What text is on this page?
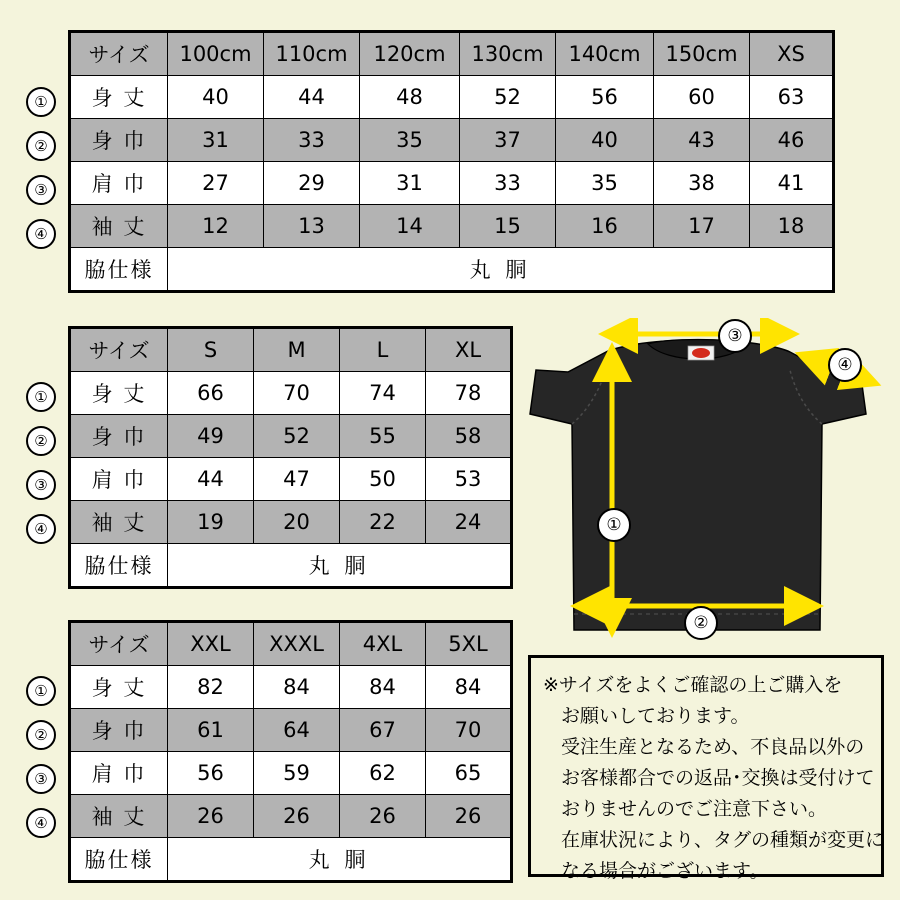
サイズ	100cm	110cm	120cm	130cm	140cm	150cm	XS
身 丈	40	44	48	52	56	60	63
身 巾	31	33	35	37	40	43	46
肩 巾	27	29	31	33	35	38	41
袖 丈	12	13	14	15	16	17	18
脇仕様	丸 胴						
①
②
③
④
サイズ	S	M	L	XL
身 丈	66	70	74	78
身 巾	49	52	55	58
肩 巾	44	47	50	53
袖 丈	19	20	22	24
脇仕様	丸 胴			
①
②
③
④
サイズ	XXL	XXXL	4XL	5XL
身 丈	82	84	84	84
身 巾	61	64	67	70
肩 巾	56	59	62	65
袖 丈	26	26	26	26
脇仕様	丸 胴			
①
②
③
④
③
④
①
②
※サイズをよくご確認の上ご購入を
お願いしております。
受注生産となるため、不良品以外の
お客様都合での返品･交換は受付けて
おりませんのでご注意下さい。
在庫状況により、タグの種類が変更に
なる場合がございます。
